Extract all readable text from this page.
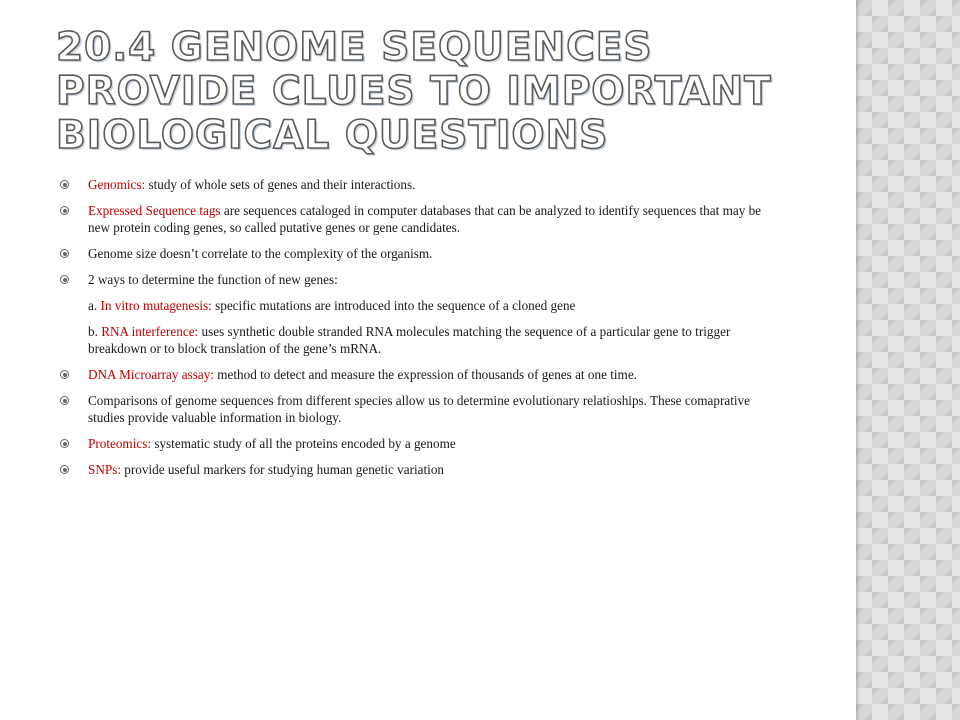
20.4 GENOME SEQUENCES PROVIDE CLUES TO IMPORTANT BIOLOGICAL QUESTIONS
Genomics: study of whole sets of genes and their interactions.
Expressed Sequence tags are sequences cataloged in computer databases that can be analyzed to identify sequences that may be new protein coding genes, so called putative genes or gene candidates.
Genome size doesn’t correlate to the complexity of the organism.
2 ways to determine the function of new genes:
a. In vitro mutagenesis: specific mutations are introduced into the sequence of a cloned gene
b. RNA interference: uses synthetic double stranded RNA molecules matching the sequence of a particular gene to trigger breakdown or to block translation of the gene’s mRNA.
DNA Microarray assay: method to detect and measure the expression of thousands of genes at one time.
Comparisons of genome sequences from different species allow us to determine evolutionary relatioships. These comaprative studies provide valuable information in biology.
Proteomics: systematic study of all the proteins encoded by a genome
SNPs: provide useful markers for studying human genetic variation
